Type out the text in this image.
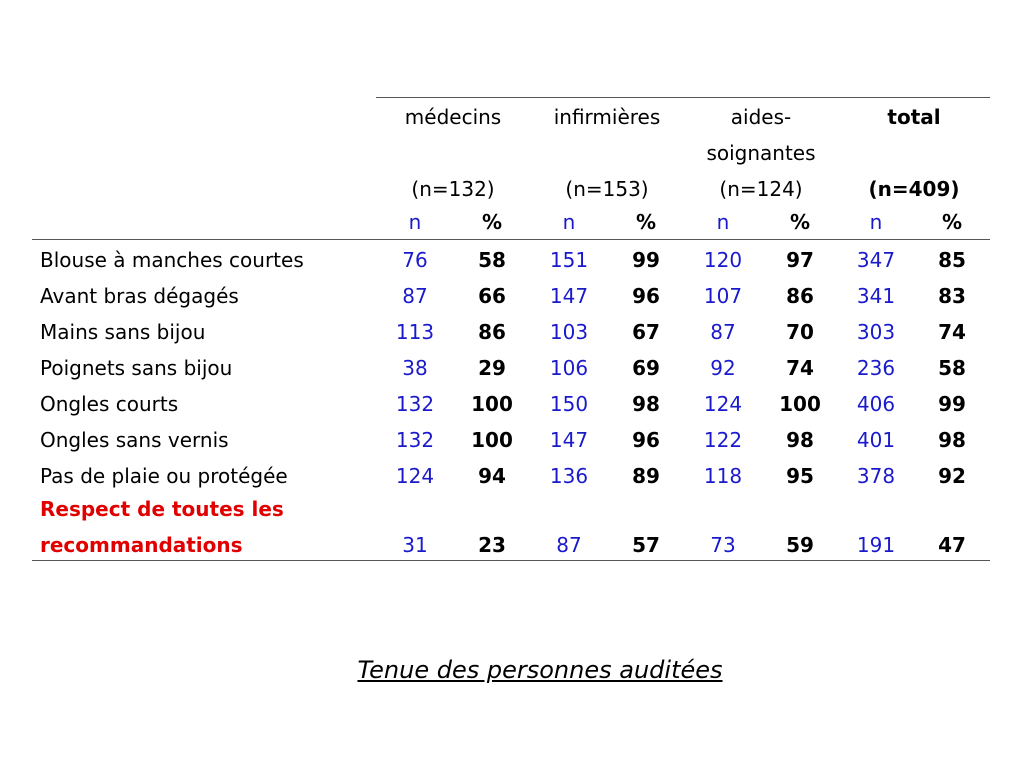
médecins
(n=132)
infirmières
(n=153)
aides-
soignantes
(n=124)
total
(n=409)
n	%	n	%	n	%	n	%
Blouse à manches courtes	76	58	151	99	120	97	347	85
Avant bras dégagés	87	66	147	96	107	86	341	83
Mains sans bijou	113	86	103	67	87	70	303	74
Poignets sans bijou	38	29	106	69	92	74	236	58
Ongles courts	132	100	150	98	124	100	406	99
Ongles sans vernis	132	100	147	96	122	98	401	98
Pas de plaie ou protégée	124	94	136	89	118	95	378	92
Respect de toutes les
recommandations	31	23	87	57	73	59	191	47
Tenue des personnes auditées
